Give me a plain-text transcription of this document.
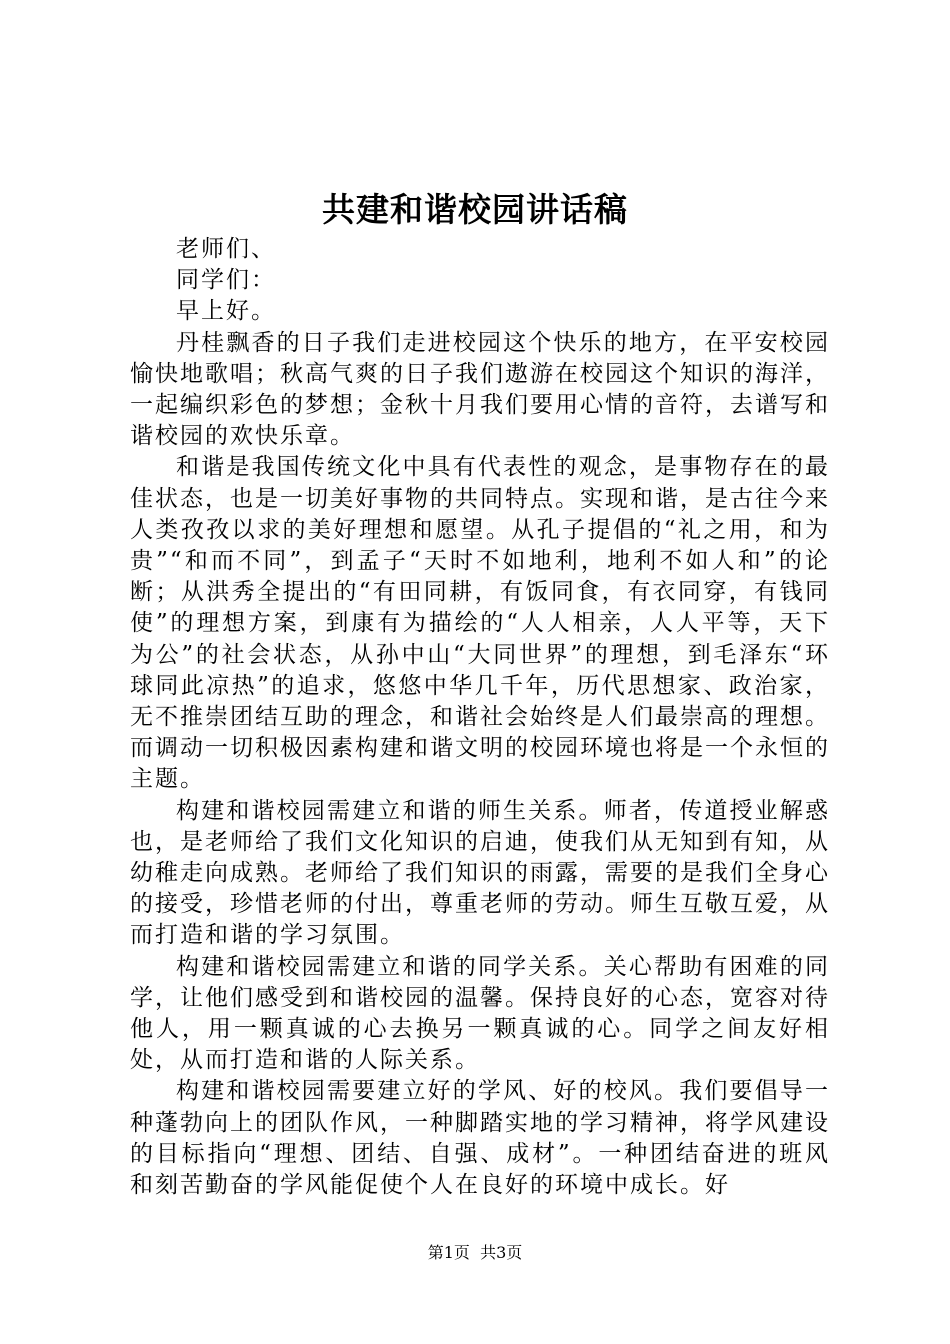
共建和谐校园讲话稿

老师们、

同学们：

早上好。

丹桂飘香的日子我们走进校园这个快乐的地方，在平安校园愉快地歌唱；秋高气爽的日子我们遨游在校园这个知识的海洋，一起编织彩色的梦想；金秋十月我们要用心情的音符，去谱写和谐校园的欢快乐章。

和谐是我国传统文化中具有代表性的观念，是事物存在的最佳状态，也是一切美好事物的共同特点。实现和谐，是古往今来人类孜孜以求的美好理想和愿望。从孔子提倡的“礼之用，和为贵”“和而不同”，到孟子“天时不如地利，地利不如人和”的论断；从洪秀全提出的“有田同耕，有饭同食，有衣同穿，有钱同使”的理想方案，到康有为描绘的“人人相亲，人人平等，天下为公”的社会状态，从孙中山“大同世界”的理想，到毛泽东“环球同此凉热”的追求，悠悠中华几千年，历代思想家、政治家，无不推崇团结互助的理念，和谐社会始终是人们最崇高的理想。而调动一切积极因素构建和谐文明的校园环境也将是一个永恒的主题。

构建和谐校园需建立和谐的师生关系。师者，传道授业解惑也，是老师给了我们文化知识的启迪，使我们从无知到有知，从幼稚走向成熟。老师给了我们知识的雨露，需要的是我们全身心的接受，珍惜老师的付出，尊重老师的劳动。师生互敬互爱，从而打造和谐的学习氛围。

构建和谐校园需建立和谐的同学关系。关心帮助有困难的同学，让他们感受到和谐校园的温馨。保持良好的心态，宽容对待他人，用一颗真诚的心去换另一颗真诚的心。同学之间友好相处，从而打造和谐的人际关系。

构建和谐校园需要建立好的学风、好的校风。我们要倡导一种蓬勃向上的团队作风，一种脚踏实地的学习精神，将学风建设的目标指向“理想、团结、自强、成材”。一种团结奋进的班风和刻苦勤奋的学风能促使个人在良好的环境中成长。好

第1页 共3页
